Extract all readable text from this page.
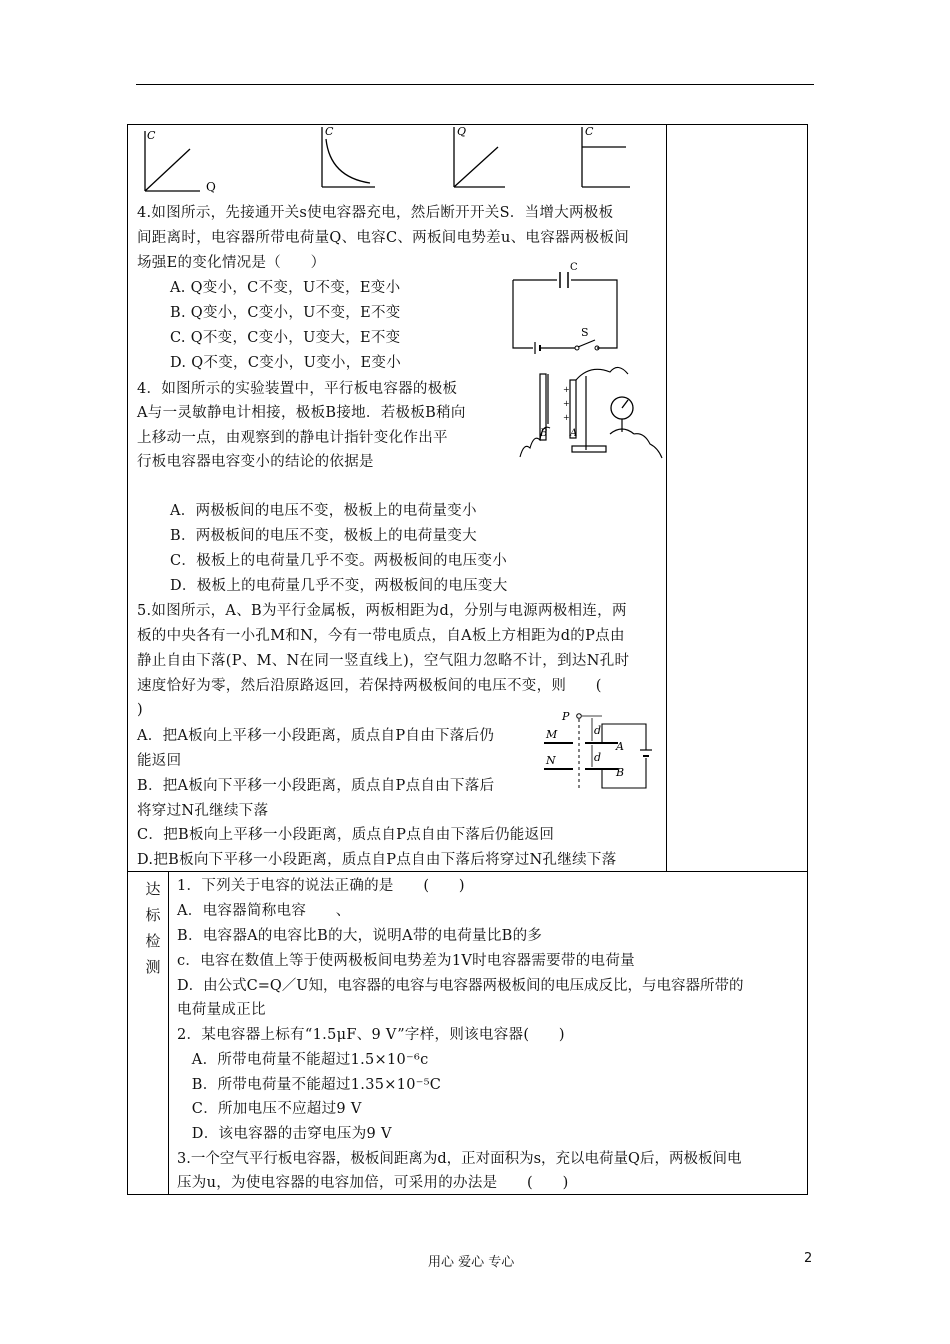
C
Q
C	Q	C
4.如图所示，先接通开关s使电容器充电，然后断开开关S．当增大两极板
间距离时，电容器所带电荷量Q、电容C、两板间电势差u、电容器两极板间
场强E的变化情况是（　　）
A. Q变小，C不变，U不变，E变小
B. Q变小，C变小，U不变，E不变
C. Q不变，C变小，U变大，E不变
D. Q不变，C变小，U变小，E变小
C
S
4．如图所示的实验装置中，平行板电容器的极板
A与一灵敏静电计相接，极板B接地．若极板B稍向
上移动一点，由观察到的静电计指针变化作出平
行板电容器电容变小的结论的依据是
B
+
+
+
A
A．两极板间的电压不变，极板上的电荷量变小
B．两极板间的电压不变，极板上的电荷量变大
C．极板上的电荷量几乎不变。两极板间的电压变小
D．极板上的电荷量几乎不变，两极板间的电压变大
5.如图所示，A、B为平行金属板，两板相距为d，分别与电源两极相连，两
板的中央各有一小孔M和N，今有一带电质点，自A板上方相距为d的P点由
静止自由下落(P、M、N在同一竖直线上)，空气阻力忽略不计，到达N孔时
速度恰好为零，然后沿原路返回，若保持两极板间的电压不变，则　　(
)	P
M
A
N
B
d
d
A．把A板向上平移一小段距离，质点自P自由下落后仍
能返回
B．把A板向下平移一小段距离，质点自P点自由下落后
将穿过N孔继续下落
C．把B板向上平移一小段距离，质点自P点自由下落后仍能返回
D.把B板向下平移一小段距离，质点自P点自由下落后将穿过N孔继续下落
达
标
检
测
1．下列关于电容的说法正确的是　　(　　)
A．电容器简称电容　　、
B．电容器A的电容比B的大，说明A带的电荷量比B的多
c．电容在数值上等于使两极板间电势差为1V时电容器需要带的电荷量
D．由公式C=Q／U知，电容器的电容与电容器两极板间的电压成反比，与电容器所带的
电荷量成正比
2．某电容器上标有“1.5μF、9 V”字样，则该电容器(　　)
　A．所带电荷量不能超过1.5×10⁻⁶c
　B．所带电荷量不能超过1.35×10⁻⁵C
　C．所加电压不应超过9 V
　D．该电容器的击穿电压为9 V
3.一个空气平行板电容器，极板间距离为d，正对面积为s，充以电荷量Q后，两极板间电
压为u，为使电容器的电容加倍，可采用的办法是　　(　　)
用心 爱心 专心	2
